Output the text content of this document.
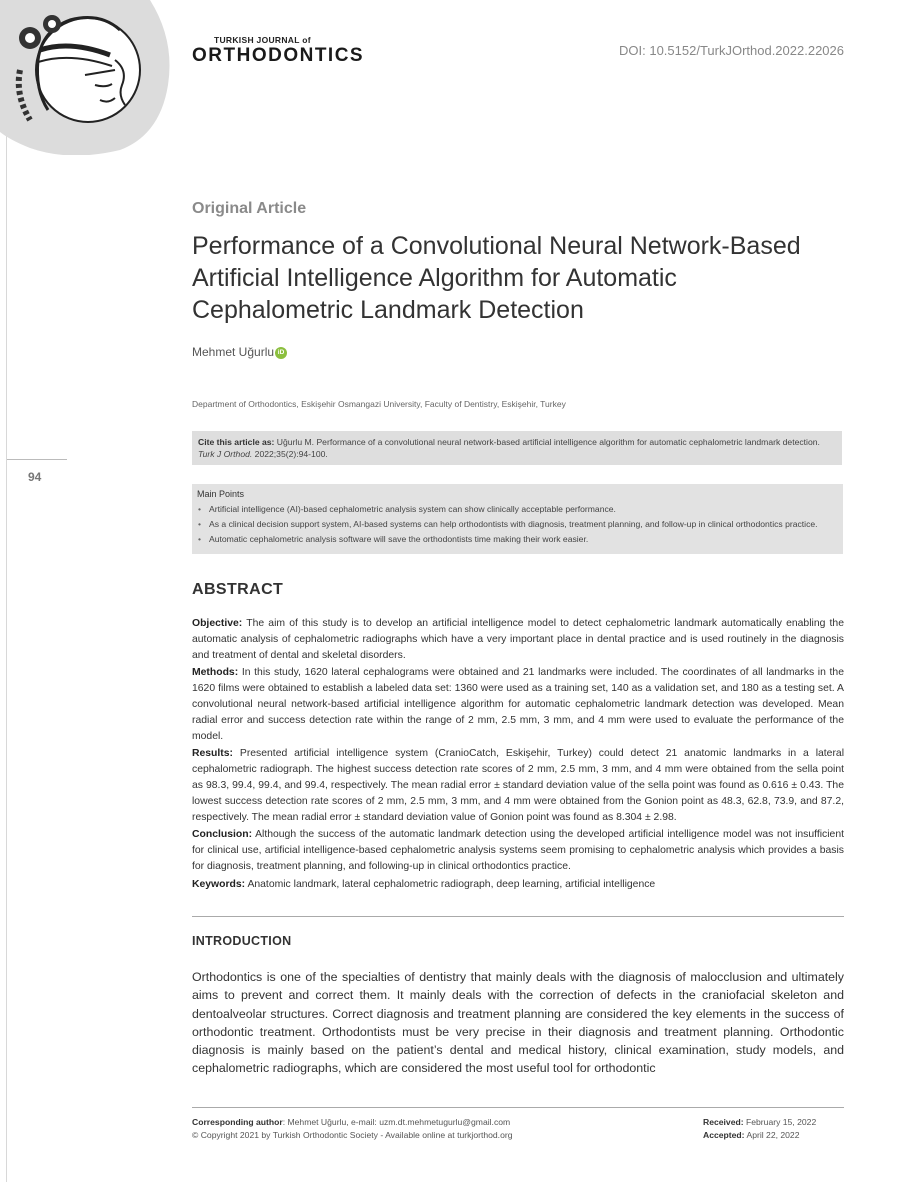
TURKISH JOURNAL of
ORTHODONTICS	DOI: 10.5152/TurkJOrthod.2022.22026
Original Article
Performance of a Convolutional Neural Network-Based Artificial Intelligence Algorithm for Automatic Cephalometric Landmark Detection
Mehmet Uğurlu iD
Department of Orthodontics, Eskişehir Osmangazi University, Faculty of Dentistry, Eskişehir, Turkey
Cite this article as: Uğurlu M. Performance of a convolutional neural network-based artificial intelligence algorithm for automatic cephalometric landmark detection. Turk J Orthod. 2022;35(2):94-100.
94
Main Points
• Artificial intelligence (AI)-based cephalometric analysis system can show clinically acceptable performance.
• As a clinical decision support system, AI-based systems can help orthodontists with diagnosis, treatment planning, and follow-up in clinical orthodontics practice.
• Automatic cephalometric analysis software will save the orthodontists time making their work easier.
ABSTRACT

Objective: The aim of this study is to develop an artificial intelligence model to detect cephalometric landmark automatically enabling the automatic analysis of cephalometric radiographs which have a very important place in dental practice and is used routinely in the diagnosis and treatment of dental and skeletal disorders.

Methods: In this study, 1620 lateral cephalograms were obtained and 21 landmarks were included. The coordinates of all landmarks in the 1620 films were obtained to establish a labeled data set: 1360 were used as a training set, 140 as a validation set, and 180 as a testing set. A convolutional neural network-based artificial intelligence algorithm for automatic cephalometric landmark detection was developed. Mean radial error and success detection rate within the range of 2 mm, 2.5 mm, 3 mm, and 4 mm were used to evaluate the performance of the model.

Results: Presented artificial intelligence system (CranioCatch, Eskişehir, Turkey) could detect 21 anatomic landmarks in a lateral cephalometric radiograph. The highest success detection rate scores of 2 mm, 2.5 mm, 3 mm, and 4 mm were obtained from the sella point as 98.3, 99.4, 99.4, and 99.4, respectively. The mean radial error ± standard deviation value of the sella point was found as 0.616 ± 0.43. The lowest success detection rate scores of 2 mm, 2.5 mm, 3 mm, and 4 mm were obtained from the Gonion point as 48.3, 62.8, 73.9, and 87.2, respectively. The mean radial error ± standard deviation value of Gonion point was found as 8.304 ± 2.98.

Conclusion: Although the success of the automatic landmark detection using the developed artificial intelligence model was not insufficient for clinical use, artificial intelligence-based cephalometric analysis systems seem promising to cephalometric analysis which provides a basis for diagnosis, treatment planning, and following-up in clinical orthodontics practice.

Keywords: Anatomic landmark, lateral cephalometric radiograph, deep learning, artificial intelligence

INTRODUCTION

Orthodontics is one of the specialties of dentistry that mainly deals with the diagnosis of malocclusion and ultimately aims to prevent and correct them. It mainly deals with the correction of defects in the craniofacial skeleton and dentoalveolar structures. Correct diagnosis and treatment planning are considered the key elements in the success of orthodontic treatment. Orthodontists must be very precise in their diagnosis and treatment planning. Orthodontic diagnosis is mainly based on the patient’s dental and medical history, clinical examination, study models, and cephalometric radiographs, which are considered the most useful tool for orthodontic

Corresponding author: Mehmet Uğurlu, e-mail: uzm.dt.mehmetugurlu@gmail.com
© Copyright 2021 by Turkish Orthodontic Society - Available online at turkjorthod.org
Received: February 15, 2022
Accepted: April 22, 2022
